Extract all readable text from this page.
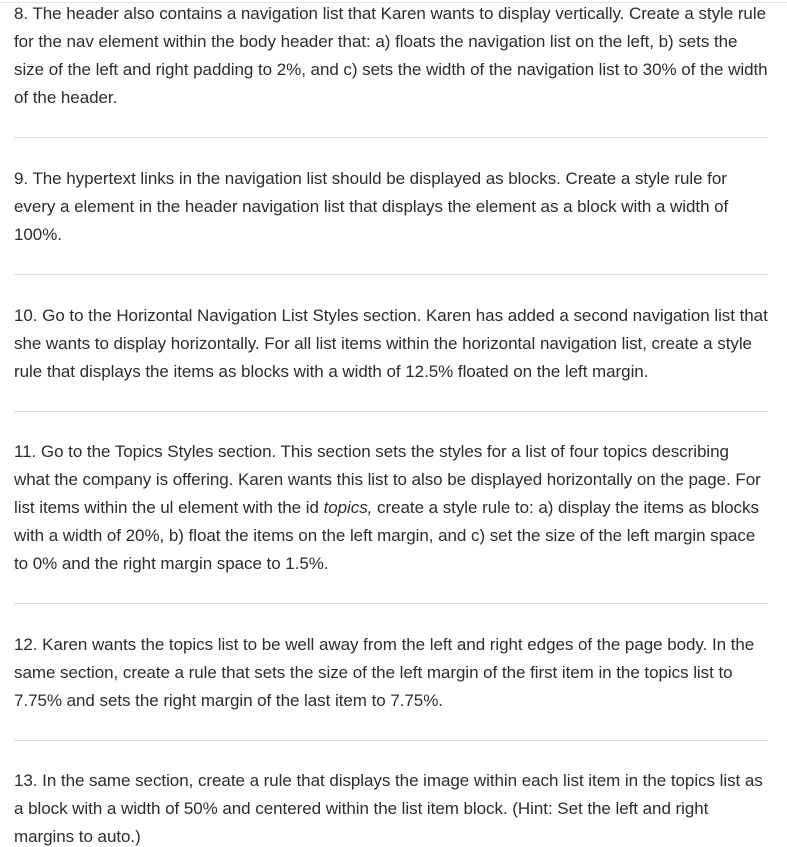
8. The header also contains a navigation list that Karen wants to display vertically. Create a style rule for the nav element within the body header that: a) floats the navigation list on the left, b) sets the size of the left and right padding to 2%, and c) sets the width of the navigation list to 30% of the width of the header.

9. The hypertext links in the navigation list should be displayed as blocks. Create a style rule for every a element in the header navigation list that displays the element as a block with a width of 100%.

10. Go to the Horizontal Navigation List Styles section. Karen has added a second navigation list that she wants to display horizontally. For all list items within the horizontal navigation list, create a style rule that displays the items as blocks with a width of 12.5% floated on the left margin.

11. Go to the Topics Styles section. This section sets the styles for a list of four topics describing what the company is offering. Karen wants this list to also be displayed horizontally on the page. For list items within the ul element with the id topics, create a style rule to: a) display the items as blocks with a width of 20%, b) float the items on the left margin, and c) set the size of the left margin space to 0% and the right margin space to 1.5%.

12. Karen wants the topics list to be well away from the left and right edges of the page body. In the same section, create a rule that sets the size of the left margin of the first item in the topics list to 7.75% and sets the right margin of the last item to 7.75%.

13. In the same section, create a rule that displays the image within each list item in the topics list as a block with a width of 50% and centered within the list item block. (Hint: Set the left and right margins to auto.)
